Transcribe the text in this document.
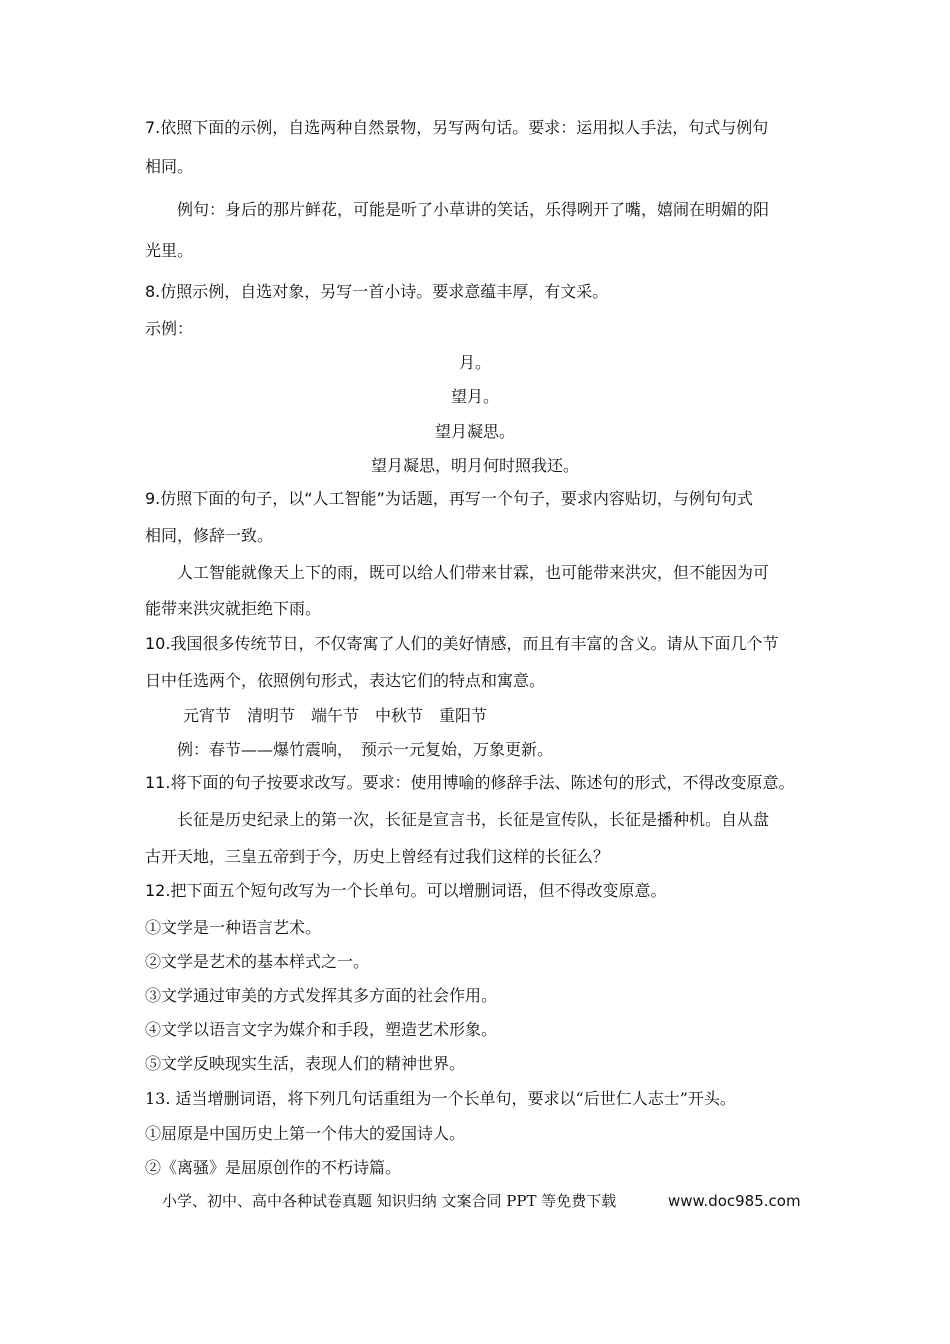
7.依照下面的示例，自选两种自然景物，另写两句话。要求：运用拟人手法，句式与例句
相同。
例句：身后的那片鲜花，可能是听了小草讲的笑话，乐得咧开了嘴，嬉闹在明媚的阳
光里。
8.仿照示例，自选对象，另写一首小诗。要求意蕴丰厚，有文采。
示例：
月。
望月。
望月凝思。
望月凝思，明月何时照我还。
9.仿照下面的句子，以“人工智能”为话题，再写一个句子，要求内容贴切，与例句句式
相同，修辞一致。
人工智能就像天上下的雨，既可以给人们带来甘霖，也可能带来洪灾，但不能因为可
能带来洪灾就拒绝下雨。
10.我国很多传统节日，不仅寄寓了人们的美好情感，而且有丰富的含义。请从下面几个节
日中任选两个，依照例句形式，表达它们的特点和寓意。
元宵节　清明节　端午节　中秋节　重阳节
例：春节——爆竹震响，　预示一元复始，万象更新。
11.将下面的句子按要求改写。要求：使用博喻的修辞手法、陈述句的形式，不得改变原意。
长征是历史纪录上的第一次，长征是宣言书，长征是宣传队，长征是播种机。自从盘
古开天地，三皇五帝到于今，历史上曾经有过我们这样的长征么？
12.把下面五个短句改写为一个长单句。可以增删词语，但不得改变原意。
①文学是一种语言艺术。
②文学是艺术的基本样式之一。
③文学通过审美的方式发挥其多方面的社会作用。
④文学以语言文字为媒介和手段，塑造艺术形象。
⑤文学反映现实生活，表现人们的精神世界。
13. 适当增删词语，将下列几句话重组为一个长单句，要求以“后世仁人志士”开头。
①屈原是中国历史上第一个伟大的爱国诗人。
②《离骚》是屈原创作的不朽诗篇。
小学、初中、高中各种试卷真题 知识归纳 文案合同 PPT 等免费下载	www.doc985.com
